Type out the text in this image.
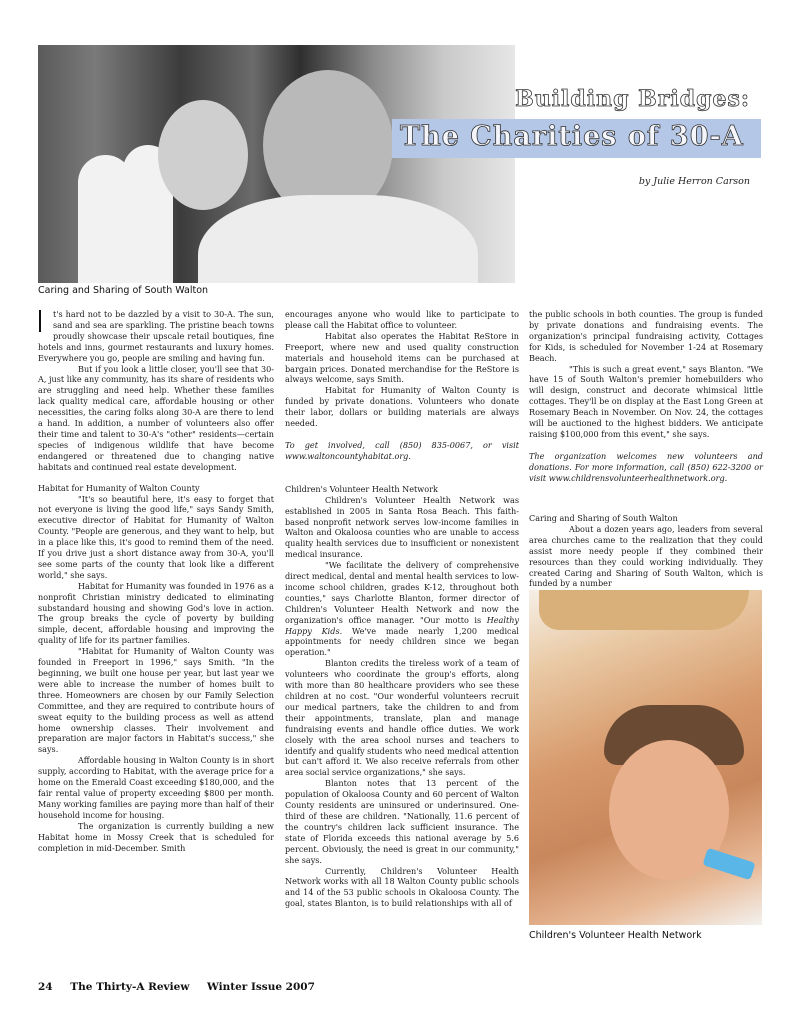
Caring and Sharing of South Walton
Building Bridges:
The Charities of 30-A
by Julie Herron Carson

t's hard not to be dazzled by a visit to 30-A. The sun, sand and sea are sparkling. The pristine beach towns proudly showcase their upscale retail boutiques, fine hotels and inns, gourmet restaurants and luxury homes. Everywhere you go, people are smiling and having fun.

But if you look a little closer, you'll see that 30-A, just like any community, has its share of residents who are struggling and need help. Whether these families lack quality medical care, affordable housing or other necessities, the caring folks along 30-A are there to lend a hand. In addition, a number of volunteers also offer their time and talent to 30-A's "other" residents—certain species of indigenous wildlife that have become endangered or threatened due to changing native habitats and continued real estate development.

Habitat for Humanity of Walton County

"It's so beautiful here, it's easy to forget that not everyone is living the good life," says Sandy Smith, executive director of Habitat for Humanity of Walton County. "People are generous, and they want to help, but in a place like this, it's good to remind them of the need. If you drive just a short distance away from 30-A, you'll see some parts of the county that look like a different world," she says.

Habitat for Humanity was founded in 1976 as a nonprofit Christian ministry dedicated to eliminating substandard housing and showing God's love in action. The group breaks the cycle of poverty by building simple, decent, affordable housing and improving the quality of life for its partner families.

"Habitat for Humanity of Walton County was founded in Freeport in 1996," says Smith. "In the beginning, we built one house per year, but last year we were able to increase the number of homes built to three. Homeowners are chosen by our Family Selection Committee, and they are required to contribute hours of sweat equity to the building process as well as attend home ownership classes. Their involvement and preparation are major factors in Habitat's success," she says.

Affordable housing in Walton County is in short supply, according to Habitat, with the average price for a home on the Emerald Coast exceeding $180,000, and the fair rental value of property exceeding $800 per month. Many working families are paying more than half of their household income for housing.

The organization is currently building a new Habitat home in Mossy Creek that is scheduled for completion in mid-December. Smith

encourages anyone who would like to participate to please call the Habitat office to volunteer.

Habitat also operates the Habitat ReStore in Freeport, where new and used quality construction materials and household items can be purchased at bargain prices. Donated merchandise for the ReStore is always welcome, says Smith.

Habitat for Humanity of Walton County is funded by private donations. Volunteers who donate their labor, dollars or building materials are always needed.

To get involved, call (850) 835-0067, or visit www.waltoncountyhabitat.org.

Children's Volunteer Health Network

Children's Volunteer Health Network was established in 2005 in Santa Rosa Beach. This faith-based nonprofit network serves low-income families in Walton and Okaloosa counties who are unable to access quality health services due to insufficient or nonexistent medical insurance.

"We facilitate the delivery of comprehensive direct medical, dental and mental health services to low-income school children, grades K-12, throughout both counties," says Charlotte Blanton, former director of Children's Volunteer Health Network and now the organization's office manager. "Our motto is Healthy Happy Kids. We've made nearly 1,200 medical appointments for needy children since we began operation."

Blanton credits the tireless work of a team of volunteers who coordinate the group's efforts, along with more than 80 healthcare providers who see these children at no cost. "Our wonderful volunteers recruit our medical partners, take the children to and from their appointments, translate, plan and manage fundraising events and handle office duties. We work closely with the area school nurses and teachers to identify and qualify students who need medical attention but can't afford it. We also receive referrals from other area social service organizations," she says.

Blanton notes that 13 percent of the population of Okaloosa County and 60 percent of Walton County residents are uninsured or underinsured. One-third of these are children. "Nationally, 11.6 percent of the country's children lack sufficient insurance. The state of Florida exceeds this national average by 5.6 percent. Obviously, the need is great in our community," she says.

Currently, Children's Volunteer Health Network works with all 18 Walton County public schools and 14 of the 53 public schools in Okaloosa County. The goal, states Blanton, is to build relationships with all of

the public schools in both counties. The group is funded by private donations and fundraising events. The organization's principal fundraising activity, Cottages for Kids, is scheduled for November 1-24 at Rosemary Beach.

"This is such a great event," says Blanton. "We have 15 of South Walton's premier homebuilders who will design, construct and decorate whimsical little cottages. They'll be on display at the East Long Green at Rosemary Beach in November. On Nov. 24, the cottages will be auctioned to the highest bidders. We anticipate raising $100,000 from this event," she says.

The organization welcomes new volunteers and donations. For more information, call (850) 622-3200 or visit www.childrensvolunteerhealthnetwork.org.

Caring and Sharing of South Walton

About a dozen years ago, leaders from several area churches came to the realization that they could assist more needy people if they combined their resources than they could working individually. They created Caring and Sharing of South Walton, which is funded by a number

Children's Volunteer Health Network
24 The Thirty-A Review Winter Issue 2007
